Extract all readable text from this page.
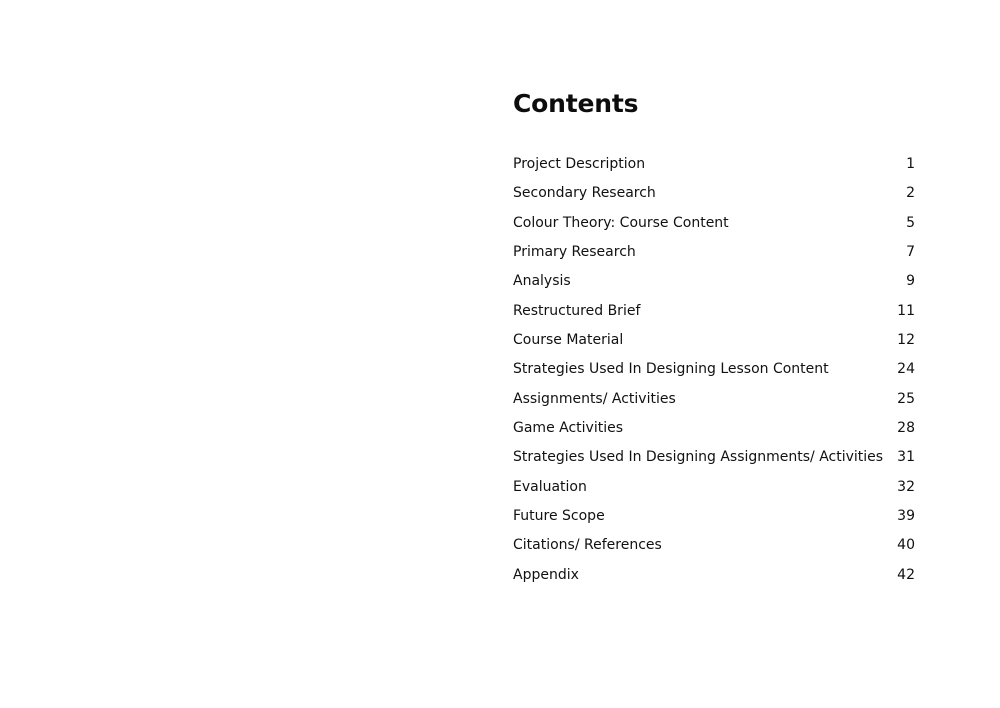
Contents
Project Description	1
Secondary Research	2
Colour Theory: Course Content	5
Primary Research	7
Analysis	9
Restructured Brief	11
Course Material	12
Strategies Used In Designing Lesson Content	24
Assignments/ Activities	25
Game Activities	28
Strategies Used In Designing Assignments/ Activities	31
Evaluation	32
Future Scope	39
Citations/ References	40
Appendix	42
